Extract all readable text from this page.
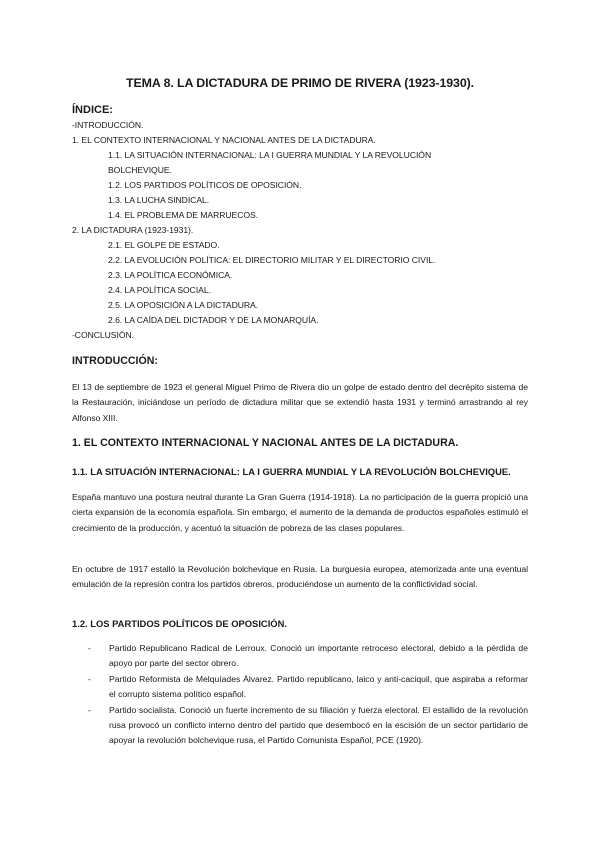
TEMA 8. LA DICTADURA DE PRIMO DE RIVERA (1923-1930).
ÍNDICE:
-INTRODUCCIÓN.
1. EL CONTEXTO INTERNACIONAL Y NACIONAL ANTES DE LA DICTADURA.
1.1. LA SITUACIÓN INTERNACIONAL: LA I GUERRA MUNDIAL Y LA REVOLUCIÓN BOLCHEVIQUE.
1.2. LOS PARTIDOS POLÍTICOS DE OPOSICIÓN.
1.3. LA LUCHA SINDICAL.
1.4. EL PROBLEMA DE MARRUECOS.
2. LA DICTADURA (1923-1931).
2.1. EL GOLPE DE ESTADO.
2.2. LA EVOLUCIÓN POLÍTICA: EL DIRECTORIO MILITAR Y EL DIRECTORIO CIVIL.
2.3. LA POLÍTICA ECONÓMICA.
2.4. LA POLÍTICA SOCIAL.
2.5. LA OPOSICIÓN A LA DICTADURA.
2.6. LA CAÍDA DEL DICTADOR Y DE LA MONARQUÍA.
-CONCLUSIÓN.
INTRODUCCIÓN:
El 13 de septiembre de 1923 el general Miguel Primo de Rivera dio un golpe de estado dentro del decrépito sistema de la Restauración, iniciándose un período de dictadura militar que se extendió hasta 1931 y terminó arrastrando al rey Alfonso XIII.
1. EL CONTEXTO INTERNACIONAL Y NACIONAL ANTES DE LA DICTADURA.
1.1. LA SITUACIÓN INTERNACIONAL: LA I GUERRA MUNDIAL Y LA REVOLUCIÓN BOLCHEVIQUE.
España mantuvo una postura neutral durante La Gran Guerra (1914-1918). La no participación de la guerra propició una cierta expansión de la economía española. Sin embargo, el aumento de la demanda de productos españoles estimuló el crecimiento de la producción, y acentuó la situación de pobreza de las clases populares.
En octubre de 1917 estalló la Revolución bolchevique en Rusia. La burguesía europea, atemorizada ante una eventual emulación de la represión contra los partidos obreros, produciéndose un aumento de la conflictividad social.
1.2. LOS PARTIDOS POLÍTICOS DE OPOSICIÓN.
- Partido Republicano Radical de Lerroux. Conoció un importante retroceso electoral, debido a la pérdida de apoyo por parte del sector obrero.
- Partido Reformista de Melquíades Álvarez. Partido republicano, laico y anti-caciquil, que aspiraba a reformar el corrupto sistema político español.
- Partido socialista. Conoció un fuerte incremento de su filiación y fuerza electoral. El estallido de la revolución rusa provocó un conflicto interno dentro del partido que desembocó en la escisión de un sector partidario de apoyar la revolución bolchevique rusa, el Partido Comunista Español, PCE (1920).
